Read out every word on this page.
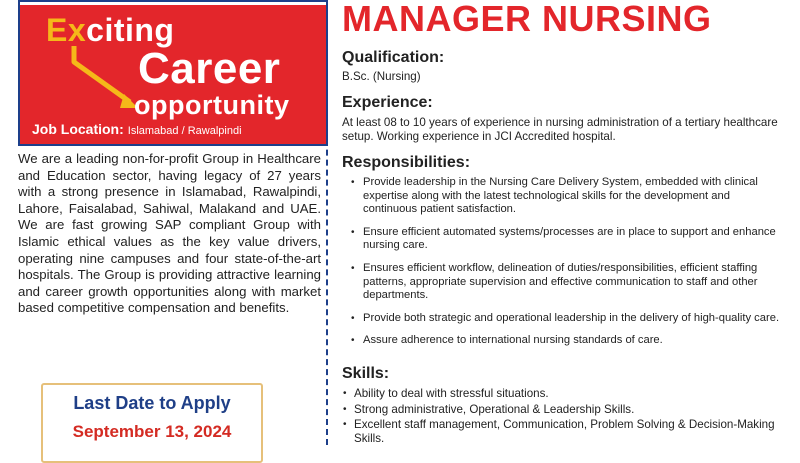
Exciting
Career
opportunity
Job Location: Islamabad / Rawalpindi

We are a leading non-for-profit Group in Healthcare and Education sector, having legacy of 27 years with a strong presence in Islamabad, Rawalpindi, Lahore, Faisalabad, Sahiwal, Malakand and UAE. We are fast growing SAP compliant Group with Islamic ethical values as the key value drivers, operating nine campuses and four state-of-the-art hospitals. The Group is providing attractive learning and career growth opportunities along with market based competitive compensation and benefits.

Last Date to Apply
September 13, 2024
MANAGER NURSING
Qualification:

B.Sc. (Nursing)

Experience:

At least 08 to 10 years of experience in nursing administration of a tertiary healthcare setup. Working experience in JCI Accredited hospital.

Responsibilities:
• Provide leadership in the Nursing Care Delivery System, embedded with clinical expertise along with the latest technological skills for the development and continuous patient satisfaction.
• Ensure efficient automated systems/processes are in place to support and enhance nursing care.
• Ensures efficient workflow, delineation of duties/responsibilities, efficient staffing patterns, appropriate supervision and effective communication to staff and other departments.
• Provide both strategic and operational leadership in the delivery of high-quality care.
• Assure adherence to international nursing standards of care.
Skills:
• Ability to deal with stressful situations.
• Strong administrative, Operational & Leadership Skills.
• Excellent staff management, Communication, Problem Solving & Decision-Making Skills.
